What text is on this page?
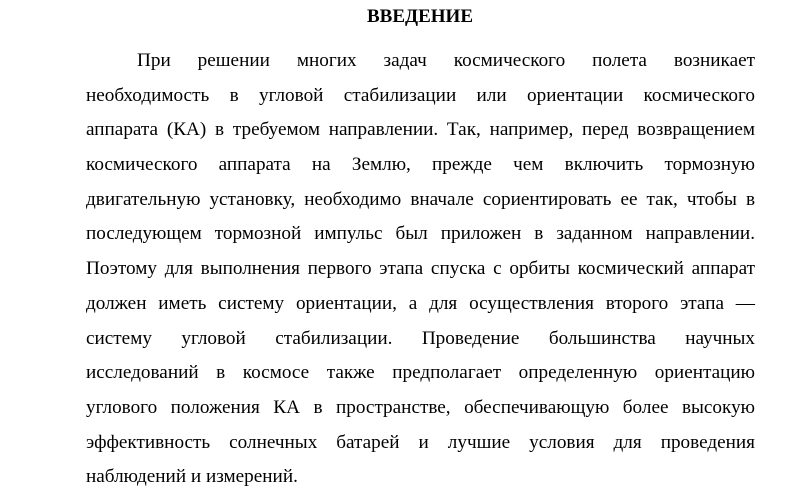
ВВЕДЕНИЕ
При решении многих задач космического полета возникает
необходимость в угловой стабилизации или ориентации космического
аппарата (КА) в требуемом направлении. Так, например, перед возвращением
космического аппарата на Землю, прежде чем включить тормозную
двигательную установку, необходимо вначале сориентировать ее так, чтобы в
последующем тормозной импульс был приложен в заданном направлении.
Поэтому для выполнения первого этапа спуска с орбиты космический аппарат
должен иметь систему ориентации, а для осуществления второго этапа —
систему угловой стабилизации. Проведение большинства научных
исследований в космосе также предполагает определенную ориентацию
углового положения КА в пространстве, обеспечивающую более высокую
эффективность солнечных батарей и лучшие условия для проведения
наблюдений и измерений.
